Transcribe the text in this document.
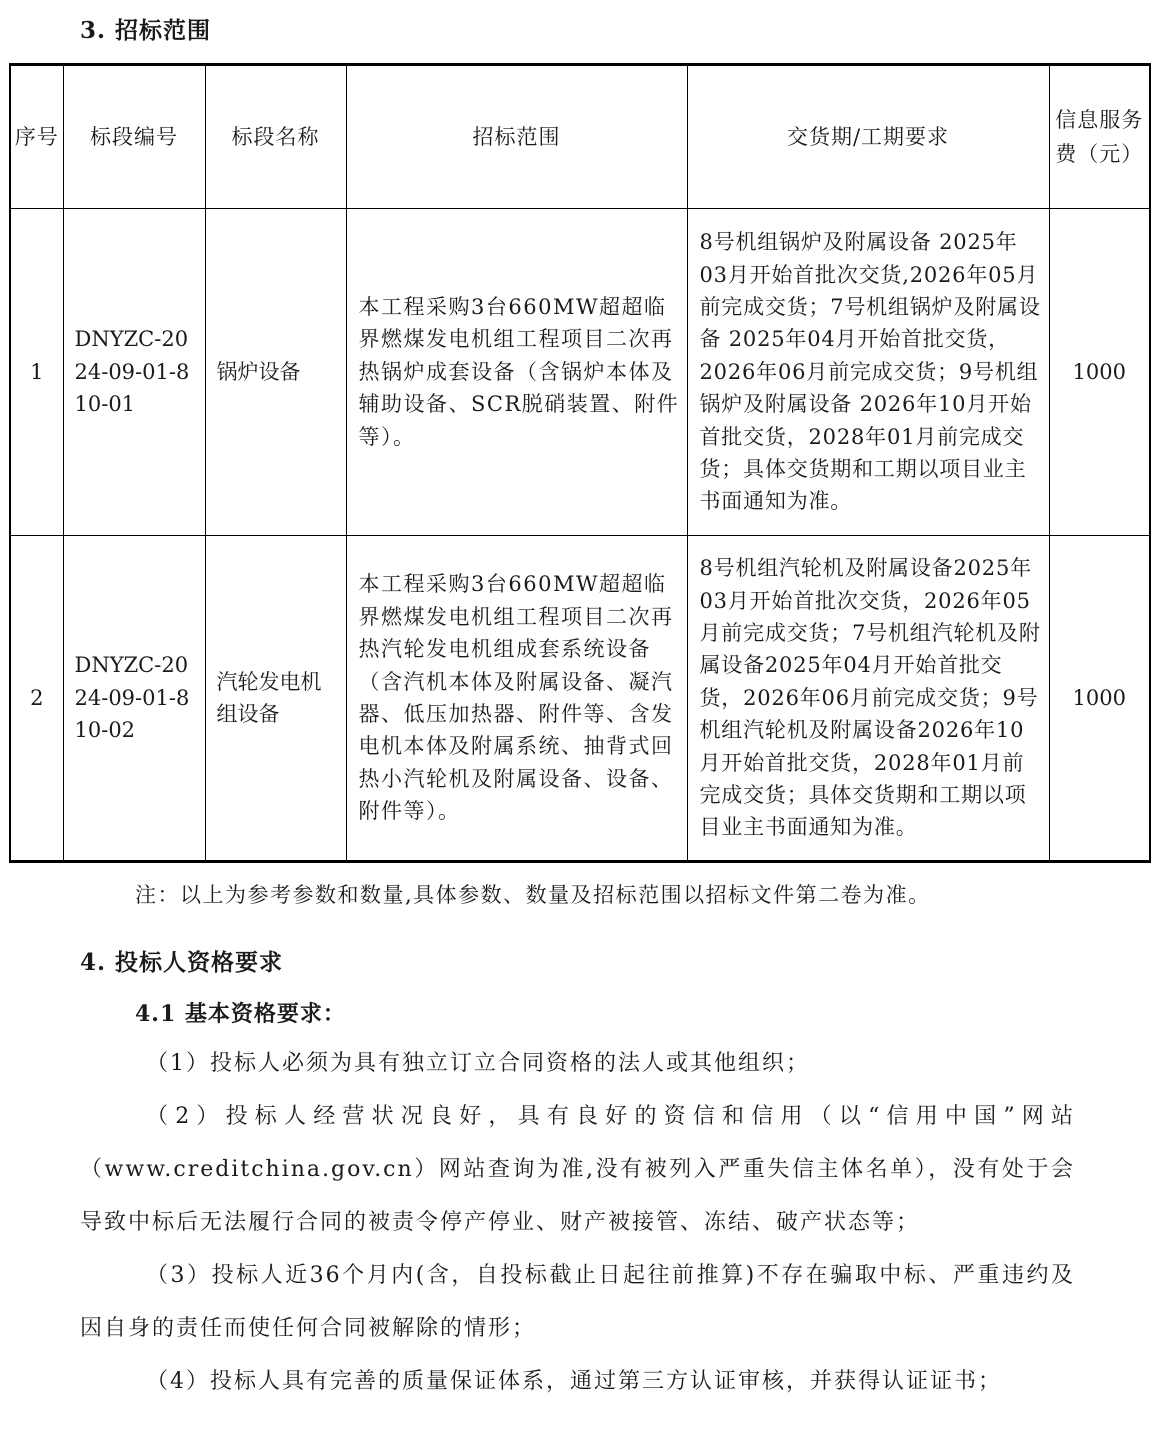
3. 招标范围
序号	标段编号	标段名称	招标范围	交货期/工期要求	信息服务费（元）
1	DNYZC-2024-09-01-810-01	锅炉设备	本工程采购3台660MW超超临界燃煤发电机组工程项目二次再热锅炉成套设备（含锅炉本体及辅助设备、SCR脱硝装置、附件等）。	8号机组锅炉及附属设备 2025年03月开始首批次交货,2026年05月前完成交货；7号机组锅炉及附属设备 2025年04月开始首批交货，2026年06月前完成交货；9号机组锅炉及附属设备 2026年10月开始首批交货，2028年01月前完成交货；具体交货期和工期以项目业主书面通知为准。	1000
2	DNYZC-2024-09-01-810-02	汽轮发电机组设备	本工程采购3台660MW超超临界燃煤发电机组工程项目二次再热汽轮发电机组成套系统设备（含汽机本体及附属设备、凝汽器、低压加热器、附件等、含发电机本体及附属系统、抽背式回热小汽轮机及附属设备、设备、附件等）。	8号机组汽轮机及附属设备2025年03月开始首批次交货，2026年05月前完成交货；7号机组汽轮机及附属设备2025年04月开始首批交货，2026年06月前完成交货；9号机组汽轮机及附属设备2026年10月开始首批交货，2028年01月前完成交货；具体交货期和工期以项目业主书面通知为准。	1000
注：以上为参考参数和数量,具体参数、数量及招标范围以招标文件第二卷为准。
4. 投标人资格要求
4.1 基本资格要求：
（1）投标人必须为具有独立订立合同资格的法人或其他组织；
（2）投标人经营状况良好，具有良好的资信和信用（以“信用中国”网站（www.creditchina.gov.cn）网站查询为准,没有被列入严重失信主体名单），没有处于会导致中标后无法履行合同的被责令停产停业、财产被接管、冻结、破产状态等；
（3）投标人近36个月内(含，自投标截止日起往前推算)不存在骗取中标、严重违约及因自身的责任而使任何合同被解除的情形；
（4）投标人具有完善的质量保证体系，通过第三方认证审核，并获得认证证书；
